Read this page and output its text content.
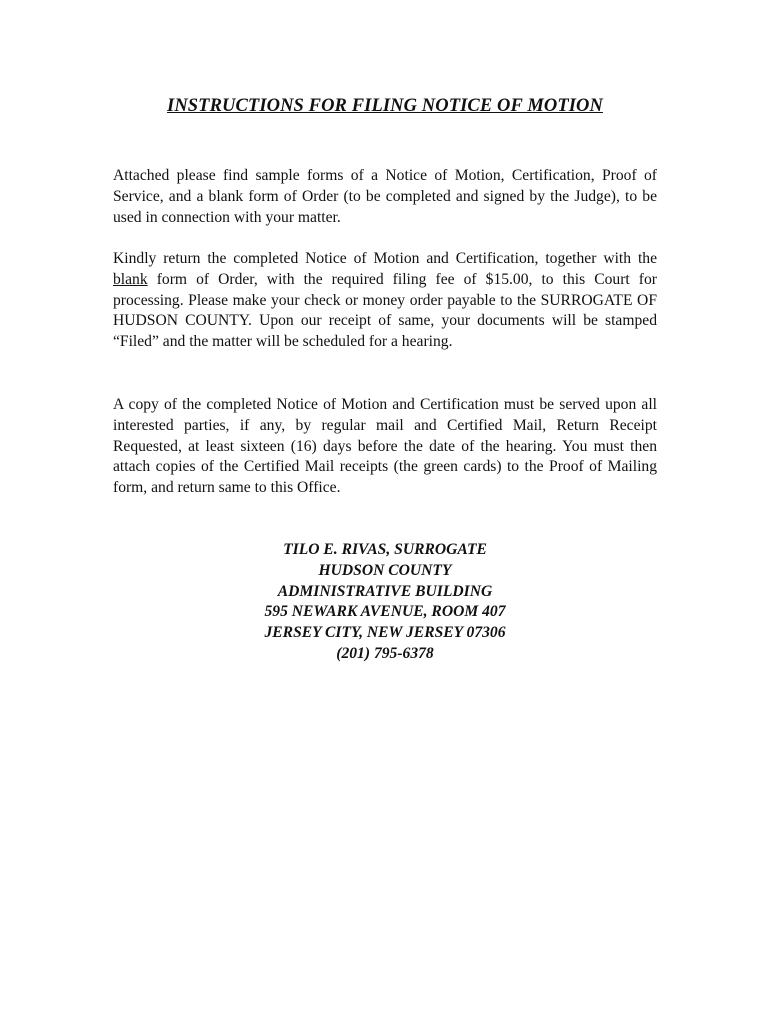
INSTRUCTIONS FOR FILING NOTICE OF MOTION

Attached please find sample forms of a Notice of Motion, Certification, Proof of Service, and a blank form of Order (to be completed and signed by the Judge), to be used in connection with your matter.

Kindly return the completed Notice of Motion and Certification, together with the blank form of Order, with the required filing fee of $15.00, to this Court for processing. Please make your check or money order payable to the SURROGATE OF HUDSON COUNTY. Upon our receipt of same, your documents will be stamped “Filed” and the matter will be scheduled for a hearing.

A copy of the completed Notice of Motion and Certification must be served upon all interested parties, if any, by regular mail and Certified Mail, Return Receipt Requested, at least sixteen (16) days before the date of the hearing. You must then attach copies of the Certified Mail receipts (the green cards) to the Proof of Mailing form, and return same to this Office.

TILO E. RIVAS, SURROGATE
HUDSON COUNTY
ADMINISTRATIVE BUILDING
595 NEWARK AVENUE, ROOM 407
JERSEY CITY, NEW JERSEY 07306
(201) 795-6378
